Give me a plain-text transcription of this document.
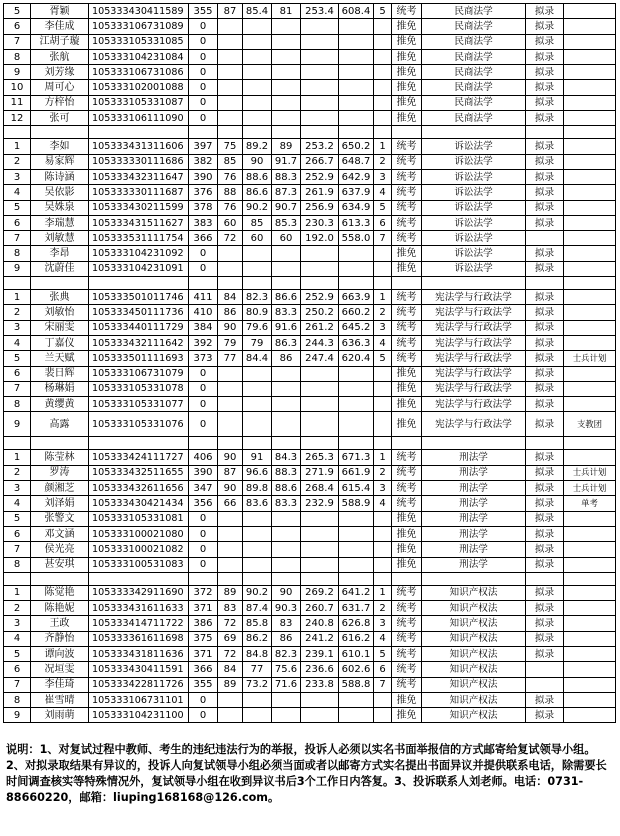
5	胥颖	105333430411589	355	87	85.4	81	253.4	608.4	5	统考	民商法学	拟录	
6	李佳成	105333106731089	0							推免	民商法学	拟录	
7	江胡子璇	105333105331085	0							推免	民商法学	拟录	
8	张航	105333104231084	0							推免	民商法学	拟录	
9	刘芳缘	105333106731086	0							推免	民商法学	拟录	
10	周可心	105333102001088	0							推免	民商法学	拟录	
11	方梓怡	105333105331087	0							推免	民商法学	拟录	
12	张可	105333106111090	0							推免	民商法学	拟录	

1	李如	105333431311606	397	75	89.2	89	253.2	650.2	1	统考	诉讼法学	拟录	
2	易家辉	105333330111686	382	85	90	91.7	266.7	648.7	2	统考	诉讼法学	拟录	
3	陈诗涵	105333432311647	390	76	88.6	88.3	252.9	642.9	3	统考	诉讼法学	拟录	
4	吴依影	105333330111687	376	88	86.6	87.3	261.9	637.9	4	统考	诉讼法学	拟录	
5	吴姝泉	105333430211599	378	76	90.2	90.7	256.9	634.9	5	统考	诉讼法学	拟录	
6	李瑞慧	105333431511627	383	60	85	85.3	230.3	613.3	6	统考	诉讼法学	拟录	
7	刘敏慧	105333531111754	366	72	60	60	192.0	558.0	7	统考	诉讼法学		
8	李昂	105333104231092	0							推免	诉讼法学	拟录	
9	沈蔚佳	105333104231091	0							推免	诉讼法学	拟录	

1	张典	105333501011746	411	84	82.3	86.6	252.9	663.9	1	统考	宪法学与行政法学	拟录	
2	刘敏怡	105333450111736	410	86	80.9	83.3	250.2	660.2	2	统考	宪法学与行政法学	拟录	
3	宋丽雯	105333440111729	384	90	79.6	91.6	261.2	645.2	3	统考	宪法学与行政法学	拟录	
4	丁嘉仪	105333432111642	392	79	79	86.3	244.3	636.3	4	统考	宪法学与行政法学	拟录	
5	兰天赋	105333501111693	373	77	84.4	86	247.4	620.4	5	统考	宪法学与行政法学	拟录	士兵计划
6	裴日辉	105333106731079	0							推免	宪法学与行政法学	拟录	
7	杨琳娟	105333105331078	0							推免	宪法学与行政法学	拟录	
8	黄缨黄	105333105331077	0							推免	宪法学与行政法学	拟录	
9	高露	105333105331076	0							推免	宪法学与行政法学	拟录	支教团

1	陈莹林	105333424111727	406	90	91	84.3	265.3	671.3	1	统考	刑法学	拟录	
2	罗涛	105333432511655	390	87	96.6	88.3	271.9	661.9	2	统考	刑法学	拟录	士兵计划
3	颜湘芝	105333432611656	347	90	89.8	88.6	268.4	615.4	3	统考	刑法学	拟录	士兵计划
4	刘泽娟	105333430421434	356	66	83.6	83.3	232.9	588.9	4	统考	刑法学	拟录	单考
5	张警文	105333105331081	0							推免	刑法学	拟录	
6	邓文涵	105333100021080	0							推免	刑法学	拟录	
7	侯光亮	105333100021082	0							推免	刑法学	拟录	
8	甚安琪	105333100531083	0							推免	刑法学	拟录	

1	陈觉艳	105333342911690	372	89	90.2	90	269.2	641.2	1	统考	知识产权法	拟录	
2	陈艳妮	105333431611633	371	83	87.4	90.3	260.7	631.7	2	统考	知识产权法	拟录	
3	王政	105333414711722	386	72	85.8	83	240.8	626.8	3	统考	知识产权法	拟录	
4	齐静怡	105333361611698	375	69	86.2	86	241.2	616.2	4	统考	知识产权法	拟录	
5	谭向波	105333431811636	371	72	84.8	82.3	239.1	610.1	5	统考	知识产权法	拟录	
6	况垣雯	105333430411591	366	84	77	75.6	236.6	602.6	6	统考	知识产权法		
7	李佳琦	105333422811726	355	89	73.2	71.6	233.8	588.8	7	统考	知识产权法		
8	崔雪晴	105333106731101	0							推免	知识产权法	拟录	
9	刘雨萌	105333104231100	0							推免	知识产权法	拟录	
说明：1、对复试过程中教师、考生的违纪违法行为的举报，投诉人必须以实名书面举报信的方式邮寄给复试领导小组。2、对拟录取结果有异议的，投诉人向复试领导小组必须当面或者以邮寄方式实名提出书面异议并提供联系电话，除需要长时间调查核实等特殊情况外，复试领导小组在收到异议书后3个工作日内答复。3、投诉联系人刘老师。电话：0731-88660220，邮箱：liuping168168@126.com。
